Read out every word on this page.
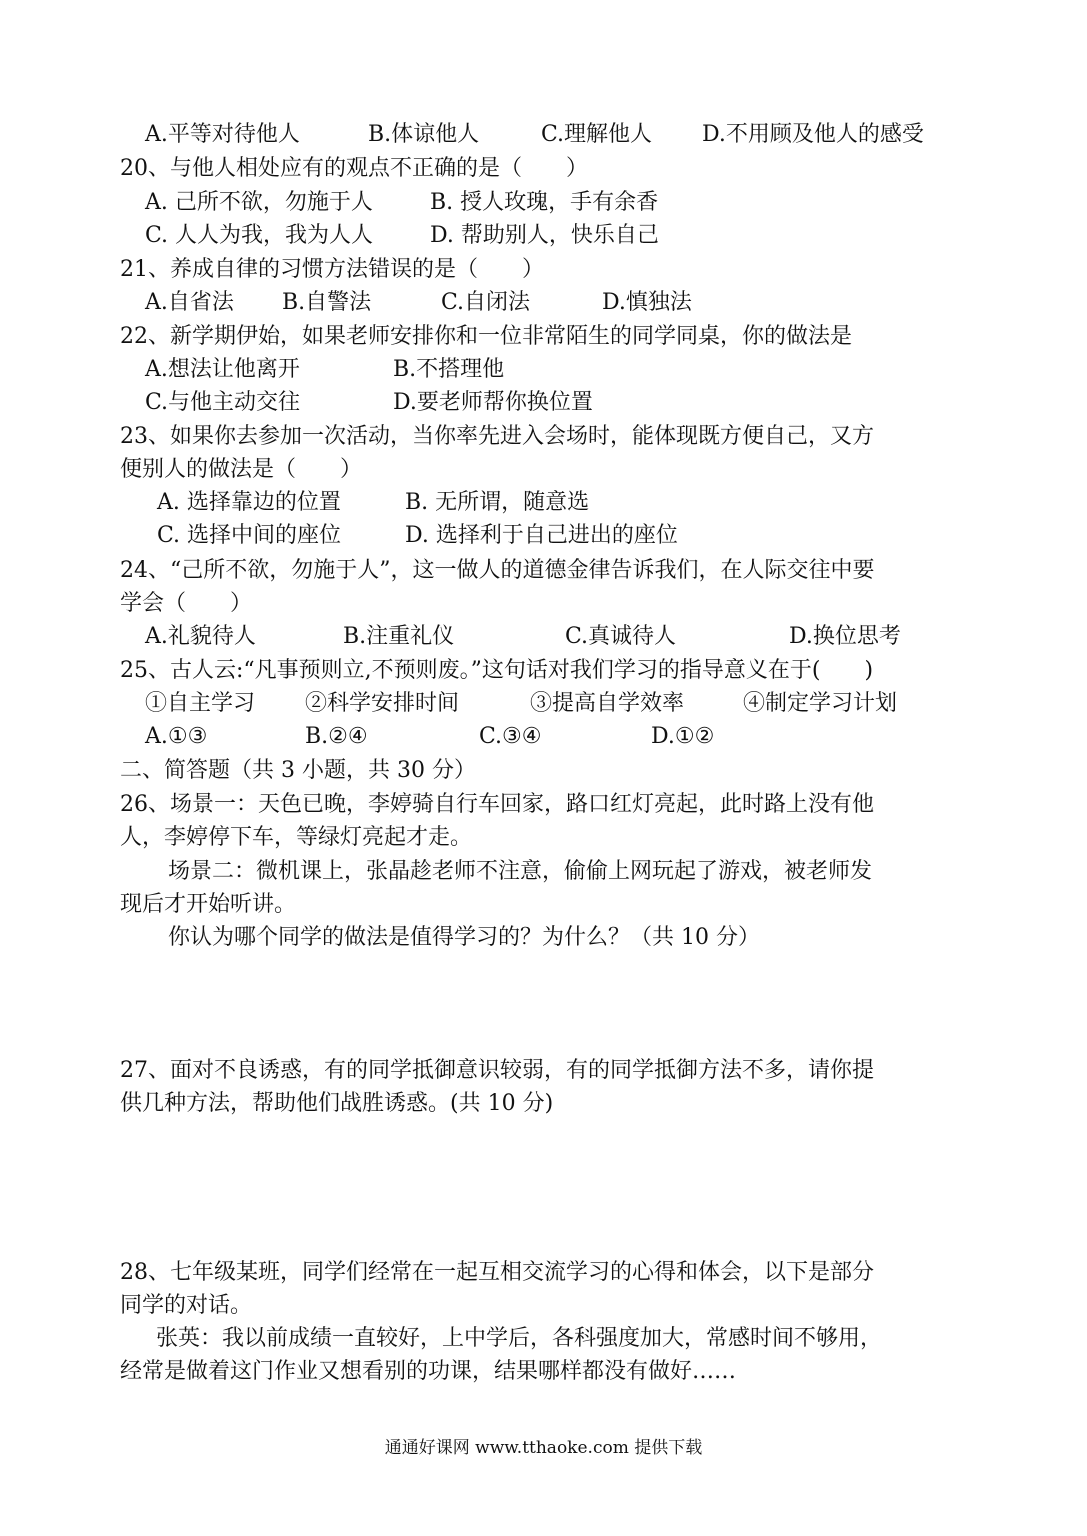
A.平等对待他人	B.体谅他人	C.理解他人 D.不用顾及他人的感受
20、与他人相处应有的观点不正确的是（　　）
A. 己所不欲，勿施于人	B. 授人玫瑰，手有余香
C. 人人为我，我为人人	D. 帮助别人，快乐自己
21、养成自律的习惯方法错误的是（　　）
A.自省法 B.自警法	C.自闭法	D.慎独法
22、新学期伊始，如果老师安排你和一位非常陌生的同学同桌，你的做法是
A.想法让他离开	B.不搭理他
C.与他主动交往	D.要老师帮你换位置
23、如果你去参加一次活动，当你率先进入会场时，能体现既方便自己，又方
便别人的做法是（　　）
A. 选择靠边的位置	B. 无所谓，随意选
C. 选择中间的座位	D. 选择利于自己进出的座位
24、“己所不欲，勿施于人”，这一做人的道德金律告诉我们，在人际交往中要
学会（　　）
A.礼貌待人	B.注重礼仪	C.真诚待人	D.换位思考
25、古人云:“凡事预则立,不预则废。”这句话对我们学习的指导意义在于(　　)
①自主学习 ②科学安排时间	③提高自学效率	④制定学习计划
A.①③	B.②④	C.③④	D.①②
二、简答题（共 3 小题，共 30 分）
26、场景一：天色已晚，李婷骑自行车回家，路口红灯亮起，此时路上没有他
人，李婷停下车，等绿灯亮起才走。
场景二：微机课上，张晶趁老师不注意，偷偷上网玩起了游戏，被老师发
现后才开始听讲。
你认为哪个同学的做法是值得学习的？为什么？（共 10 分）
27、面对不良诱惑，有的同学抵御意识较弱，有的同学抵御方法不多，请你提
供几种方法，帮助他们战胜诱惑。(共 10 分)
28、七年级某班，同学们经常在一起互相交流学习的心得和体会，以下是部分
同学的对话。
张英：我以前成绩一直较好，上中学后，各科强度加大，常感时间不够用，
经常是做着这门作业又想看别的功课，结果哪样都没有做好……
通通好课网 www.tthaoke.com 提供下载
